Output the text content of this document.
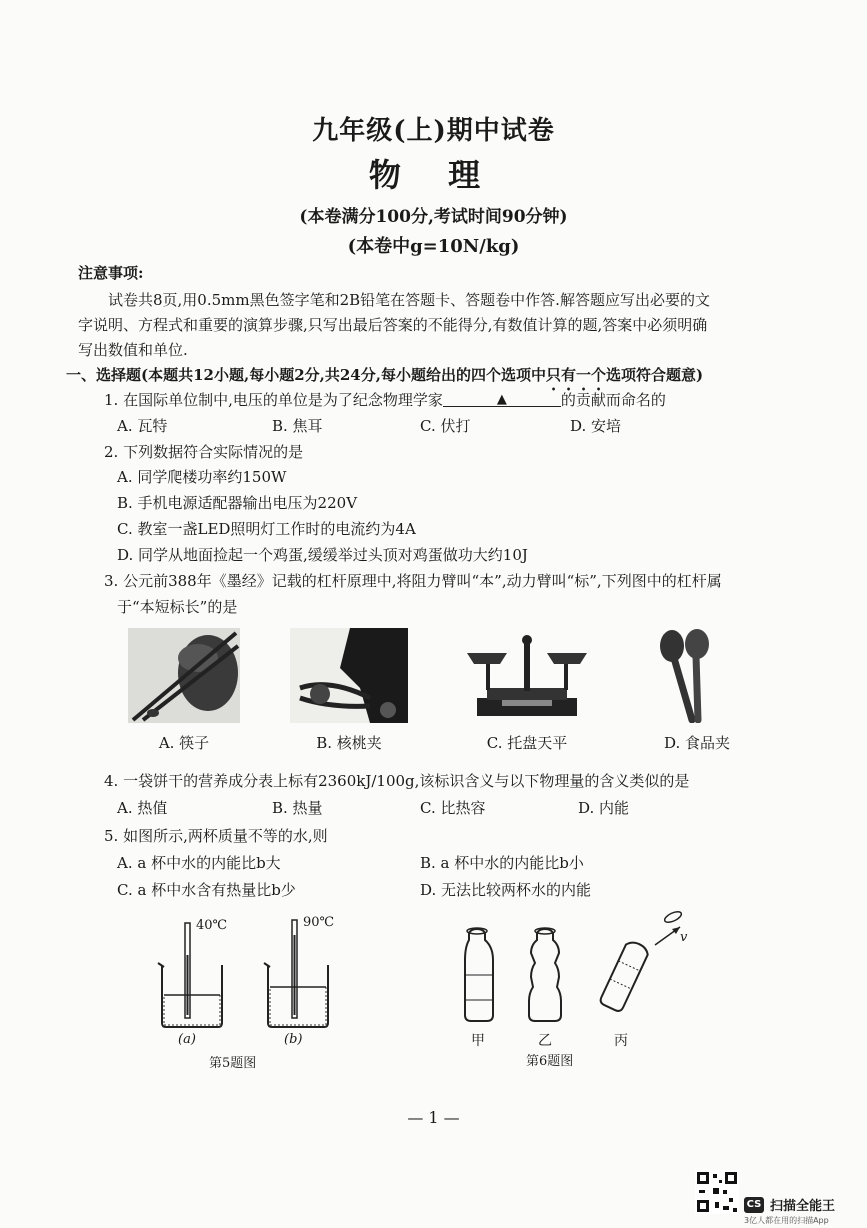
九年级(上)期中试卷
物 理
(本卷满分100分,考试时间90分钟)
(本卷中g=10N/kg)
注意事项:
试卷共8页,用0.5mm黑色签字笔和2B铅笔在答题卡、答题卷中作答.解答题应写出必要的文
字说明、方程式和重要的演算步骤,只写出最后答案的不能得分,有数值计算的题,答案中必须明确
写出数值和单位.
一、选择题(本题共12小题,每小题2分,共24分,每小题给出的四个选项中只有一个选项符合题意)
1. 在国际单位制中,电压的单位是为了纪念物理学家	▲	的贡献而命名的
A. 瓦特	B. 焦耳	C. 伏打	D. 安培
2. 下列数据符合实际情况的是
A. 同学爬楼功率约150W
B. 手机电源适配器输出电压为220V
C. 教室一盏LED照明灯工作时的电流约为4A
D. 同学从地面捡起一个鸡蛋,缓缓举过头顶对鸡蛋做功大约10J
3. 公元前388年《墨经》记载的杠杆原理中,将阻力臂叫“本”,动力臂叫“标”,下列图中的杠杆属
于“本短标长”的是
A. 筷子	B. 核桃夹	C. 托盘天平	D. 食品夹
4. 一袋饼干的营养成分表上标有2360kJ/100g,该标识含义与以下物理量的含义类似的是
A. 热值	B. 热量	C. 比热容	D. 内能
5. 如图所示,两杯质量不等的水,则
A. a 杯中水的内能比b大	B. a 杯中水的内能比b小
C. a 杯中水含有热量比b少	D. 无法比较两杯水的内能
40℃	90℃
(a)	(b)
第5题图
v
甲	乙	丙
第6题图
— 1 —
CS 扫描全能王
3亿人都在用的扫描App
